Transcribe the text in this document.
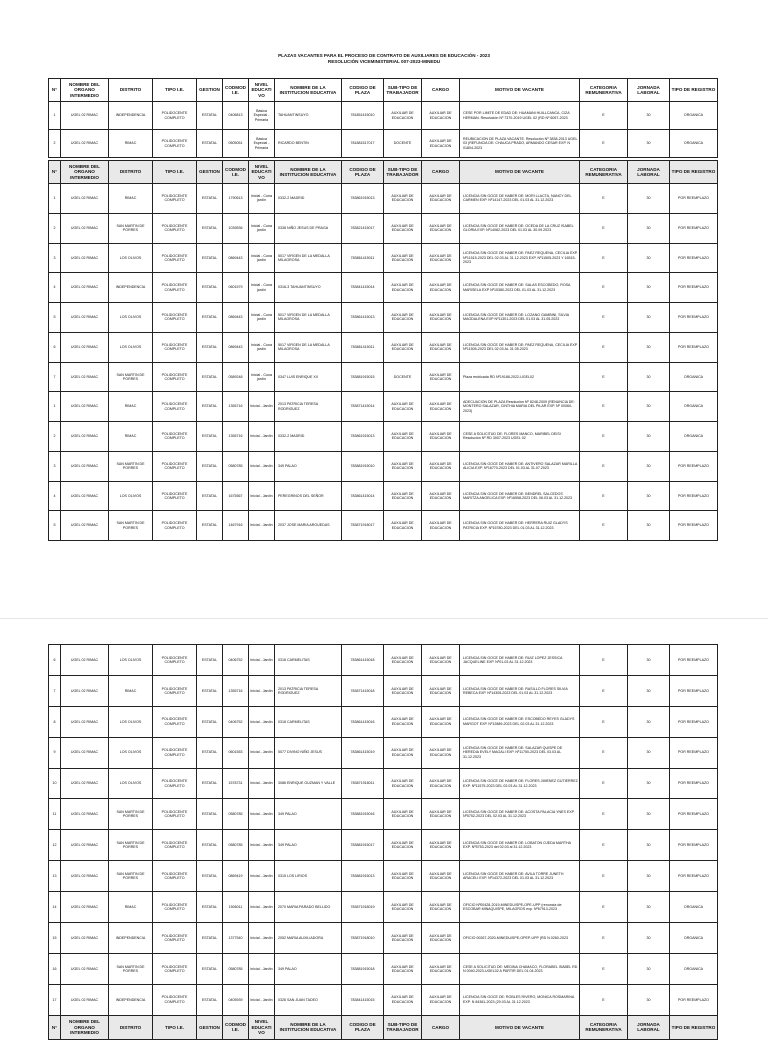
PLAZAS VACANTES PARA EL PROCESO DE CONTRATO DE AUXILIARES DE EDUCACIÓN - 2023
RESOLUCIÓN VICEMINISTERIAL 007-2023-MINEDU
N°	NOMBRE DEL ORGANO INTERMEDIO	DISTRITO	TIPO I.E.	GESTION	CODMOD I.E.	NIVEL EDUCATIVO	NOMBRE DE LA INSTITUCION EDUCATIVA	CODIGO DE PLAZA	SUB-TIPO DE TRABAJADOR	CARGO	MOTIVO DE VACANTE	CATEGORIA REMUNERATIVA	JORNADA LABORAL	TIPO DE REGISTRO
1	UGEL 02 RIMAC	INDEPENDENCIA	POLIDOCENTE COMPLETO	ESTATAL	0406813	Básica Especial - Primaria	TAHUANTINSUYO	781851415010	AUXILIAR DE EDUCACION	AUXILIAR DE EDUCACION	CESE POR LIMITE DE EDAD DE: HUAMANI HUILLCANCA, CIZA HERMAN. Resolución Nº 7370-2019 UGEL 02 (RD Nº 6057-2023	E	30	ORGANICA
2	UGEL 02 RIMAC	RIMAC	POLIDOCENTE COMPLETO	ESTATAL	0505051	Básica Especial - Primaria	RICARDO BENTIN	781881517017	DOCENTE	AUXILIAR DE EDUCACION	REUBICACION DE PLAZA VACANTE. Resolución Nº 3838-2013 UGEL 03 (REFUNCIA DE: CHAUCA PRADO, ARMANDO CESAR EXP. N 01804-2023	E	30	ORGANICA
N°	NOMBRE DEL ORGANO INTERMEDIO	DISTRITO	TIPO I.E.	GESTION	CODMOD I.E.	NIVEL EDUCATIVO	NOMBRE DE LA INSTITUCION EDUCATIVA	CODIGO DE PLAZA	SUB-TIPO DE TRABAJADOR	CARGO	MOTIVO DE VACANTE	CATEGORIA REMUNERATIVA	JORNADA LABORAL	TIPO DE REGISTRO
1	UGEL 02 RIMAC	RIMAC	POLIDOCENTE COMPLETO	ESTATAL	1790613	Inicial - Cuna jardín	0332-2 MADRID	783861915013	AUXILIAR DE EDUCACION	AUXILIAR DE EDUCACION	LICENCIA SIN GOCE DE HABER DE: MORI LLACTA, NANCY DEL CARMEN EXP. Nº14147-2023 DEL 01.03 AL 31.12.2023	E	30	POR REEMPLAZO
2	UGEL 02 RIMAC	SAN MARTIN DE PORRES	POLIDOCENTE COMPLETO	ESTATAL	1039536	Inicial - Cuna jardín	0338 NIÑO JESUS DE PRAGA	783821415017	AUXILIAR DE EDUCACION	AUXILIAR DE EDUCACION	LICENCIA SIN GOCE DE HABER DE: OCEDA DE LA CRUZ ISABEL GLORIA EXP. Nº14082-2023 DEL 01.03 AL 30.09.2023	E	30	POR REEMPLAZO
3	UGEL 02 RIMAC	LOS OLIVOS	POLIDOCENTE COMPLETO	ESTATAL	0869443	Inicial - Cuna jardín	5017 VIRGEN DE LA MEDALLA MILAGROSA	783861415011	AUXILIAR DE EDUCACION	AUXILIAR DE EDUCACION	LICENCIA SIN GOCE DE HABER DE: PAEZ REQUENA, CECILIA EXP. Nº11515-2023 DEL 02.03 AL 31.12.2023 EXP. Nº11505-2023 Y 16515-2023	E	30	POR REEMPLAZO
4	UGEL 02 RIMAC	INDEPENDENCIA	POLIDOCENTE COMPLETO	ESTATAL	0601579	Inicial - Cuna jardín	0316-3 TAHUANTINSUYO	783841415014	AUXILIAR DE EDUCACION	AUXILIAR DE EDUCACION	LICENCIA SIN GOCE DE HABER DE: SALAS ESCOBEDO, ROSA MARISELA EXP Nº15380-2023 DEL 01.03 AL 31.12.2023	E	30	POR REEMPLAZO
5	UGEL 02 RIMAC	LOS OLIVOS	POLIDOCENTE COMPLETO	ESTATAL	0869443	Inicial - Cuna jardín	5017 VIRGEN DE LA MEDALLA MILAGROSA	783861415013	AUXILIAR DE EDUCACION	AUXILIAR DE EDUCACION	LICENCIA SIN GOCE DE HABER DE: LOZANO GAMBINI, SILVIA MAGDALENA EXP Nº11301-2023 DEL 01.03 AL 31.05.2023	E	30	POR REEMPLAZO
6	UGEL 02 RIMAC	LOS OLIVOS	POLIDOCENTE COMPLETO	ESTATAL	0869443	Inicial - Cuna jardín	5017 VIRGEN DE LA MEDALLA MILAGROSA	783861415011	AUXILIAR DE EDUCACION	AUXILIAR DE EDUCACION	LICENCIA SIN GOCE DE HABER DE: PAEZ REQUENA, CECILIA EXP Nº11505-2023 DEL 02.03 AL 31.05.2023	E	30	POR REEMPLAZO
7	UGEL 02 RIMAC	SAN MARTIN DE PORRES	POLIDOCENTE COMPLETO	ESTATAL	0589248	Inicial - Cuna jardín	0347 LUIS ENRIQUE XII	783881915015	DOCENTE	AUXILIAR DE EDUCACION	Plaza reubicada RD Nº19188-2022-UGEL02	E	30	ORGANICA
1	UGEL 02 RIMAC	RIMAC	POLIDOCENTE COMPLETO	ESTATAL	1355716	Inicial - Jardín	2013 PATRICIA TERESA RODRIGUEZ	783871415014	AUXILIAR DE EDUCACION	AUXILIAR DE EDUCACION	ADECUACION DE PLAZA Resolución Nº 8248-2009 (RENUNCIA DE: MONTERO SALAZAR, CINTHIA MARIA DEL PILAR EXP. Nº 00060-2023)	E	30	ORGANICA
2	UGEL 02 RIMAC	RIMAC	POLIDOCENTE COMPLETO	ESTATAL	1355716	Inicial - Jardín	0332-2 MADRID	783861915013	AUXILIAR DE EDUCACION	AUXILIAR DE EDUCACION	CESE A SOLICITUD DE: FLORES MANCO, MARIBEL DEISI Resolución Nº RD 3007-2023 UGEL 02	E	30	ORGANICA
3	UGEL 02 RIMAC	SAN MARTIN DE PORRES	POLIDOCENTE COMPLETO	ESTATAL	0580785	Inicial - Jardín	349 PALAO	783881915010	AUXILIAR DE EDUCACION	AUXILIAR DE EDUCACION	LICENCIA SIN GOCE DE HABER DE: ANTIVERO SALAZAR MARILLA ALICIA EXP. Nº16770-2023 DEL 01.03 AL 31.07.2023	E	30	POR REEMPLAZO
4	UGEL 02 RIMAC	LOS OLIVOS	POLIDOCENTE COMPLETO	ESTATAL	1675567	Inicial - Jardín	PEREGRINOS DEL SEÑOR	783861415014	AUXILIAR DE EDUCACION	AUXILIAR DE EDUCACION	LICENCIA SIN GOCE DE HABER DE: BENDREL SALCEDOS MARITZA ANGELICA EXP. Nº16558-2023 DEL 06.03 AL 31.12.2023	E	30	POR REEMPLAZO
5	UGEL 02 RIMAC	SAN MARTIN DE PORRES	POLIDOCENTE COMPLETO	ESTATAL	1467916	Inicial - Jardín	2037 JOSE MARIA ARGUEDAS	783871918017	AUXILIAR DE EDUCACION	AUXILIAR DE EDUCACION	LICENCIA SIN GOCE DE HABER DE: HERRERA RUIZ GLADYS PATRICIA EXP. Nº15780-2023 DEL 01.03 AL 31.12.2023	E	30	POR REEMPLAZO
6	UGEL 02 RIMAC	LOS OLIVOS	POLIDOCENTE COMPLETO	ESTATAL	0406752	Inicial - Jardín	0318 CARMELITAS	783861415018	AUXILIAR DE EDUCACION	AUXILIAR DE EDUCACION	LICENCIA SIN GOCE DE HABER DE: RUIZ LOPEZ JESSICA JACQUELINE EXP. Nº01-03 AL 31.12.2023	E	30	POR REEMPLAZO
7	UGEL 02 RIMAC	RIMAC	POLIDOCENTE COMPLETO	ESTATAL	1355716	Inicial - Jardín	2013 PATRICIA TERESA RODRIGUEZ	783871415018	AUXILIAR DE EDUCACION	AUXILIAR DE EDUCACION	LICENCIA SIN GOCE DE HABER DE: RASILLO FLORES SILVIA REBECA EXP. Nº14305-2023 DEL 01.03 AL 31.12.2023	E	30	POR REEMPLAZO
8	UGEL 02 RIMAC	LOS OLIVOS	POLIDOCENTE COMPLETO	ESTATAL	0406752	Inicial - Jardín	0318 CARMELITAS	783861415016	AUXILIAR DE EDUCACION	AUXILIAR DE EDUCACION	LICENCIA SIN GOCE DE HABER DE: ESCOBEDO REYES GLADYS MARGOT EXP. Nº12889-2023 DEL 02.03 AL 31.12.2023	E	30	POR REEMPLAZO
9	UGEL 02 RIMAC	LOS OLIVOS	POLIDOCENTE COMPLETO	ESTATAL	0601553	Inicial - Jardín	5077 DIVINO NIÑO JESUS	783861415019	AUXILIAR DE EDUCACION	AUXILIAR DE EDUCACION	LICENCIA SIN GOCE DE HABER DE: SALAZAR QUISPE DE HEREDIA EVELY MAGALI EXP. Nº11750-2023 DEL 03.03 AL 31.12.2023	E	30	POR REEMPLAZO
10	UGEL 02 RIMAC	LOS OLIVOS	POLIDOCENTE COMPLETO	ESTATAL	1578731	Inicial - Jardín	3086 ENRIQUE GUZMAN Y VALLE	783871918011	AUXILIAR DE EDUCACION	AUXILIAR DE EDUCACION	LICENCIA SIN GOCE DE HABER DE: FLORES JIMENEZ GUTIERREZ EXP. Nº11575-2023 DEL 02.03 AL 31.12.2023	E	30	POR REEMPLAZO
11	UGEL 02 RIMAC	SAN MARTIN DE PORRES	POLIDOCENTE COMPLETO	ESTATAL	0580785	Inicial - Jardín	349 PALAO	783881915016	AUXILIAR DE EDUCACION	AUXILIAR DE EDUCACION	LICENCIA SIN GOCE DE HABER DE: ACOSTA PALACIA YNES EXP. Nº5752-2023 DEL 02.03 AL 31.12.2023	E	30	POR REEMPLAZO
12	UGEL 02 RIMAC	SAN MARTIN DE PORRES	POLIDOCENTE COMPLETO	ESTATAL	0580785	Inicial - Jardín	349 PALAO	783881915017	AUXILIAR DE EDUCACION	AUXILIAR DE EDUCACION	LICENCIA SIN GOCE DE HABER DE: LOBATON OJEDA MARTHA EXP. Nº5753-2023 del 02.03 al 31.12.2023	E	30	POR REEMPLAZO
13	UGEL 02 RIMAC	SAN MARTIN DE PORRES	POLIDOCENTE COMPLETO	ESTATAL	0869419	Inicial - Jardín	0315 LOS LIRIOS	783881915013	AUXILIAR DE EDUCACION	AUXILIAR DE EDUCACION	LICENCIA SIN GOCE DE HABER DE: AVILA TORRE JUNETH ARACELI EXP. Nº14372-2023 DEL 01.03 AL 31.12.2023	E	30	POR REEMPLAZO
14	UGEL 02 RIMAC	RIMAC	POLIDOCENTE COMPLETO	ESTATAL	1506011	Inicial - Jardín	2070 MARIA PARADO BELLIDO	783871918019	AUXILIAR DE EDUCACION	AUXILIAR DE EDUCACION	OFICIO Nº00428-2019-MINEDU/SPE-OPE-UPP (renuncia de: ESCOBAR MINAQUISPE, MILAGROS exp. Nº67913-2023	E	30	ORGANICA
15	UGEL 02 RIMAC	INDEPENDENCIA	POLIDOCENTE COMPLETO	ESTATAL	1377540	Inicial - Jardín	2052 MARIA AUXILIADORA	783871918010	AUXILIAR DE EDUCACION	AUXILIAR DE EDUCACION	OFICIO 00267-2020-MINEDU/SPE-OPEP-UPP (RD N 0260-2023	E	30	ORGANICA
16	UGEL 02 RIMAC	SAN MARTIN DE PORRES	POLIDOCENTE COMPLETO	ESTATAL	0580785	Inicial - Jardín	349 PALAO	783881915018	AUXILIAR DE EDUCACION	AUXILIAR DE EDUCACION	CESE A SOLICITUD DE: MEDINA CHAMACO, FLORABEL ISABEL RD N 0040-2023-UGEL02 A PARTIR DEL 01.04.2023	E	30	ORGANICA
17	UGEL 02 RIMAC	INDEPENDENCIA	POLIDOCENTE COMPLETO	ESTATAL	0405939	Inicial - Jardín	0326 SAN JUAN TADEO	783841415015	AUXILIAR DE EDUCACION	AUXILIAR DE EDUCACION	LICENCIA SIN GOCE DE: ROBLES RIVERO, MONICA ROSMARINA EXP. N 84361-2023 (20.03 AL 31.12.2023	E	30	POR REEMPLAZO
N°	NOMBRE DEL ORGANO INTERMEDIO	DISTRITO	TIPO I.E.	GESTION	CODMOD I.E.	NIVEL EDUCATIVO	NOMBRE DE LA INSTITUCION EDUCATIVA	CODIGO DE PLAZA	SUB-TIPO DE TRABAJADOR	CARGO	MOTIVO DE VACANTE	CATEGORIA REMUNERATIVA	JORNADA LABORAL	TIPO DE REGISTRO
